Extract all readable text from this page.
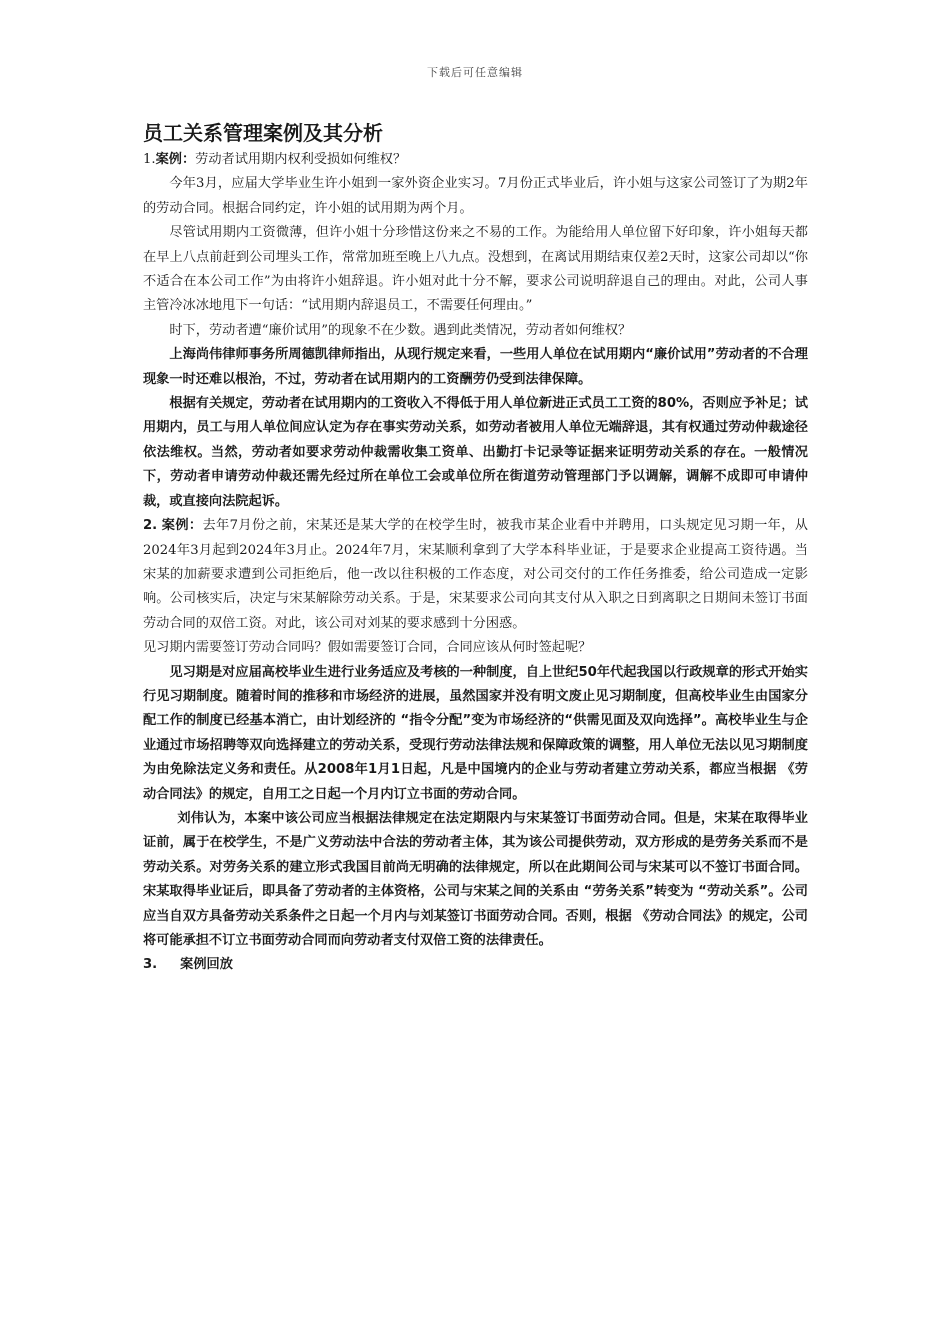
下载后可任意编辑
员工关系管理案例及其分析

1.案例：劳动者试用期内权利受损如何维权？

今年3月，应届大学毕业生许小姐到一家外资企业实习。7月份正式毕业后，许小姐与这家公司签订了为期2年的劳动合同。根据合同约定，许小姐的试用期为两个月。

尽管试用期内工资微薄，但许小姐十分珍惜这份来之不易的工作。为能给用人单位留下好印象，许小姐每天都在早上八点前赶到公司埋头工作，常常加班至晚上八九点。没想到，在离试用期结束仅差2天时，这家公司却以“你不适合在本公司工作”为由将许小姐辞退。许小姐对此十分不解，要求公司说明辞退自己的理由。对此，公司人事主管冷冰冰地甩下一句话：“试用期内辞退员工，不需要任何理由。”

时下，劳动者遭“廉价试用”的现象不在少数。遇到此类情况，劳动者如何维权？

上海尚伟律师事务所周德凯律师指出，从现行规定来看，一些用人单位在试用期内“廉价试用”劳动者的不合理现象一时还难以根治，不过，劳动者在试用期内的工资酬劳仍受到法律保障。

根据有关规定，劳动者在试用期内的工资收入不得低于用人单位新进正式员工工资的80%，否则应予补足；试用期内，员工与用人单位间应认定为存在事实劳动关系，如劳动者被用人单位无端辞退，其有权通过劳动仲裁途径依法维权。当然，劳动者如要求劳动仲裁需收集工资单、出勤打卡记录等证据来证明劳动关系的存在。一般情况下，劳动者申请劳动仲裁还需先经过所在单位工会或单位所在街道劳动管理部门予以调解，调解不成即可申请仲裁，或直接向法院起诉。

2. 案例：去年7月份之前，宋某还是某大学的在校学生时，被我市某企业看中并聘用，口头规定见习期一年，从2024年3月起到2024年3月止。2024年7月，宋某顺利拿到了大学本科毕业证，于是要求企业提高工资待遇。当宋某的加薪要求遭到公司拒绝后，他一改以往积极的工作态度，对公司交付的工作任务推委，给公司造成一定影响。公司核实后，决定与宋某解除劳动关系。于是，宋某要求公司向其支付从入职之日到离职之日期间未签订书面劳动合同的双倍工资。对此，该公司对刘某的要求感到十分困惑。

见习期内需要签订劳动合同吗？假如需要签订合同，合同应该从何时签起呢？

见习期是对应届高校毕业生进行业务适应及考核的一种制度，自上世纪50年代起我国以行政规章的形式开始实行见习期制度。随着时间的推移和市场经济的进展，虽然国家并没有明文废止见习期制度，但高校毕业生由国家分配工作的制度已经基本消亡，由计划经济的 “指令分配”变为市场经济的“供需见面及双向选择”。高校毕业生与企业通过市场招聘等双向选择建立的劳动关系，受现行劳动法律法规和保障政策的调整，用人单位无法以见习期制度为由免除法定义务和责任。从2008年1月1日起，凡是中国境内的企业与劳动者建立劳动关系，都应当根据 《劳动合同法》的规定，自用工之日起一个月内订立书面的劳动合同。

刘伟认为，本案中该公司应当根据法律规定在法定期限内与宋某签订书面劳动合同。但是，宋某在取得毕业证前，属于在校学生，不是广义劳动法中合法的劳动者主体，其为该公司提供劳动，双方形成的是劳务关系而不是劳动关系。对劳务关系的建立形式我国目前尚无明确的法律规定，所以在此期间公司与宋某可以不签订书面合同。宋某取得毕业证后，即具备了劳动者的主体资格，公司与宋某之间的关系由 “劳务关系”转变为 “劳动关系”。公司应当自双方具备劳动关系条件之日起一个月内与刘某签订书面劳动合同。否则，根据 《劳动合同法》的规定，公司将可能承担不订立书面劳动合同而向劳动者支付双倍工资的法律责任。

3. 案例回放
